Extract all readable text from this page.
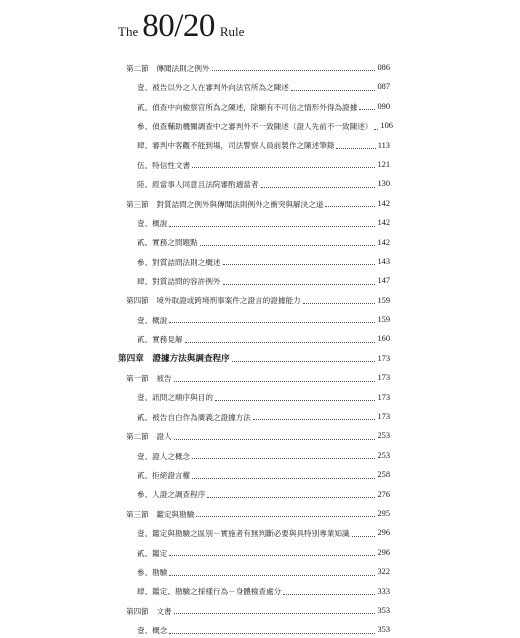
The 80/20 Rule
第二節　傳聞法則之例外	086
壹、被告以外之人在審判外向法官所為之陳述	087
貳、偵查中向檢察官所為之陳述，除顯有不可信之情形外得為證據 090
參、偵查輔助機關調查中之審判外不一致陳述（證人先前不一致陳述） 106
肆、審判中客觀不能到場，司法警察人員前製作之陳述筆錄	113
伍、特信性文書	121
陸、經當事人同意且法院審酌適當者	130
第三節　對質詰問之例外與傳聞法則例外之衝突與解決之道	142
壹、概說	142
貳、實務之問題點	142
參、對質詰問法則之概述	143
肆、對質詰問的容許例外	147
第四節　境外取證或跨境刑事案件之證言的證據能力	159
壹、概說	159
貳、實務見解	160
第四章　證據方法與調查程序	173
第一節　被告	173
壹、訊問之順序與目的	173
貳、被告自白作為廣義之證據方法	173
第二節　證人	253
壹、證人之概念	253
貳、拒絕證言權	258
參、人證之調查程序	276
第三節　鑑定與勘驗	295
壹、鑑定與勘驗之區別－實施者有無判斷必要與具特別專業知識	296
貳、鑑定	296
參、勘驗	322
肆、鑑定、勘驗之採樣行為－身體檢查處分	333
第四節　文書	353
壹、概念	353
